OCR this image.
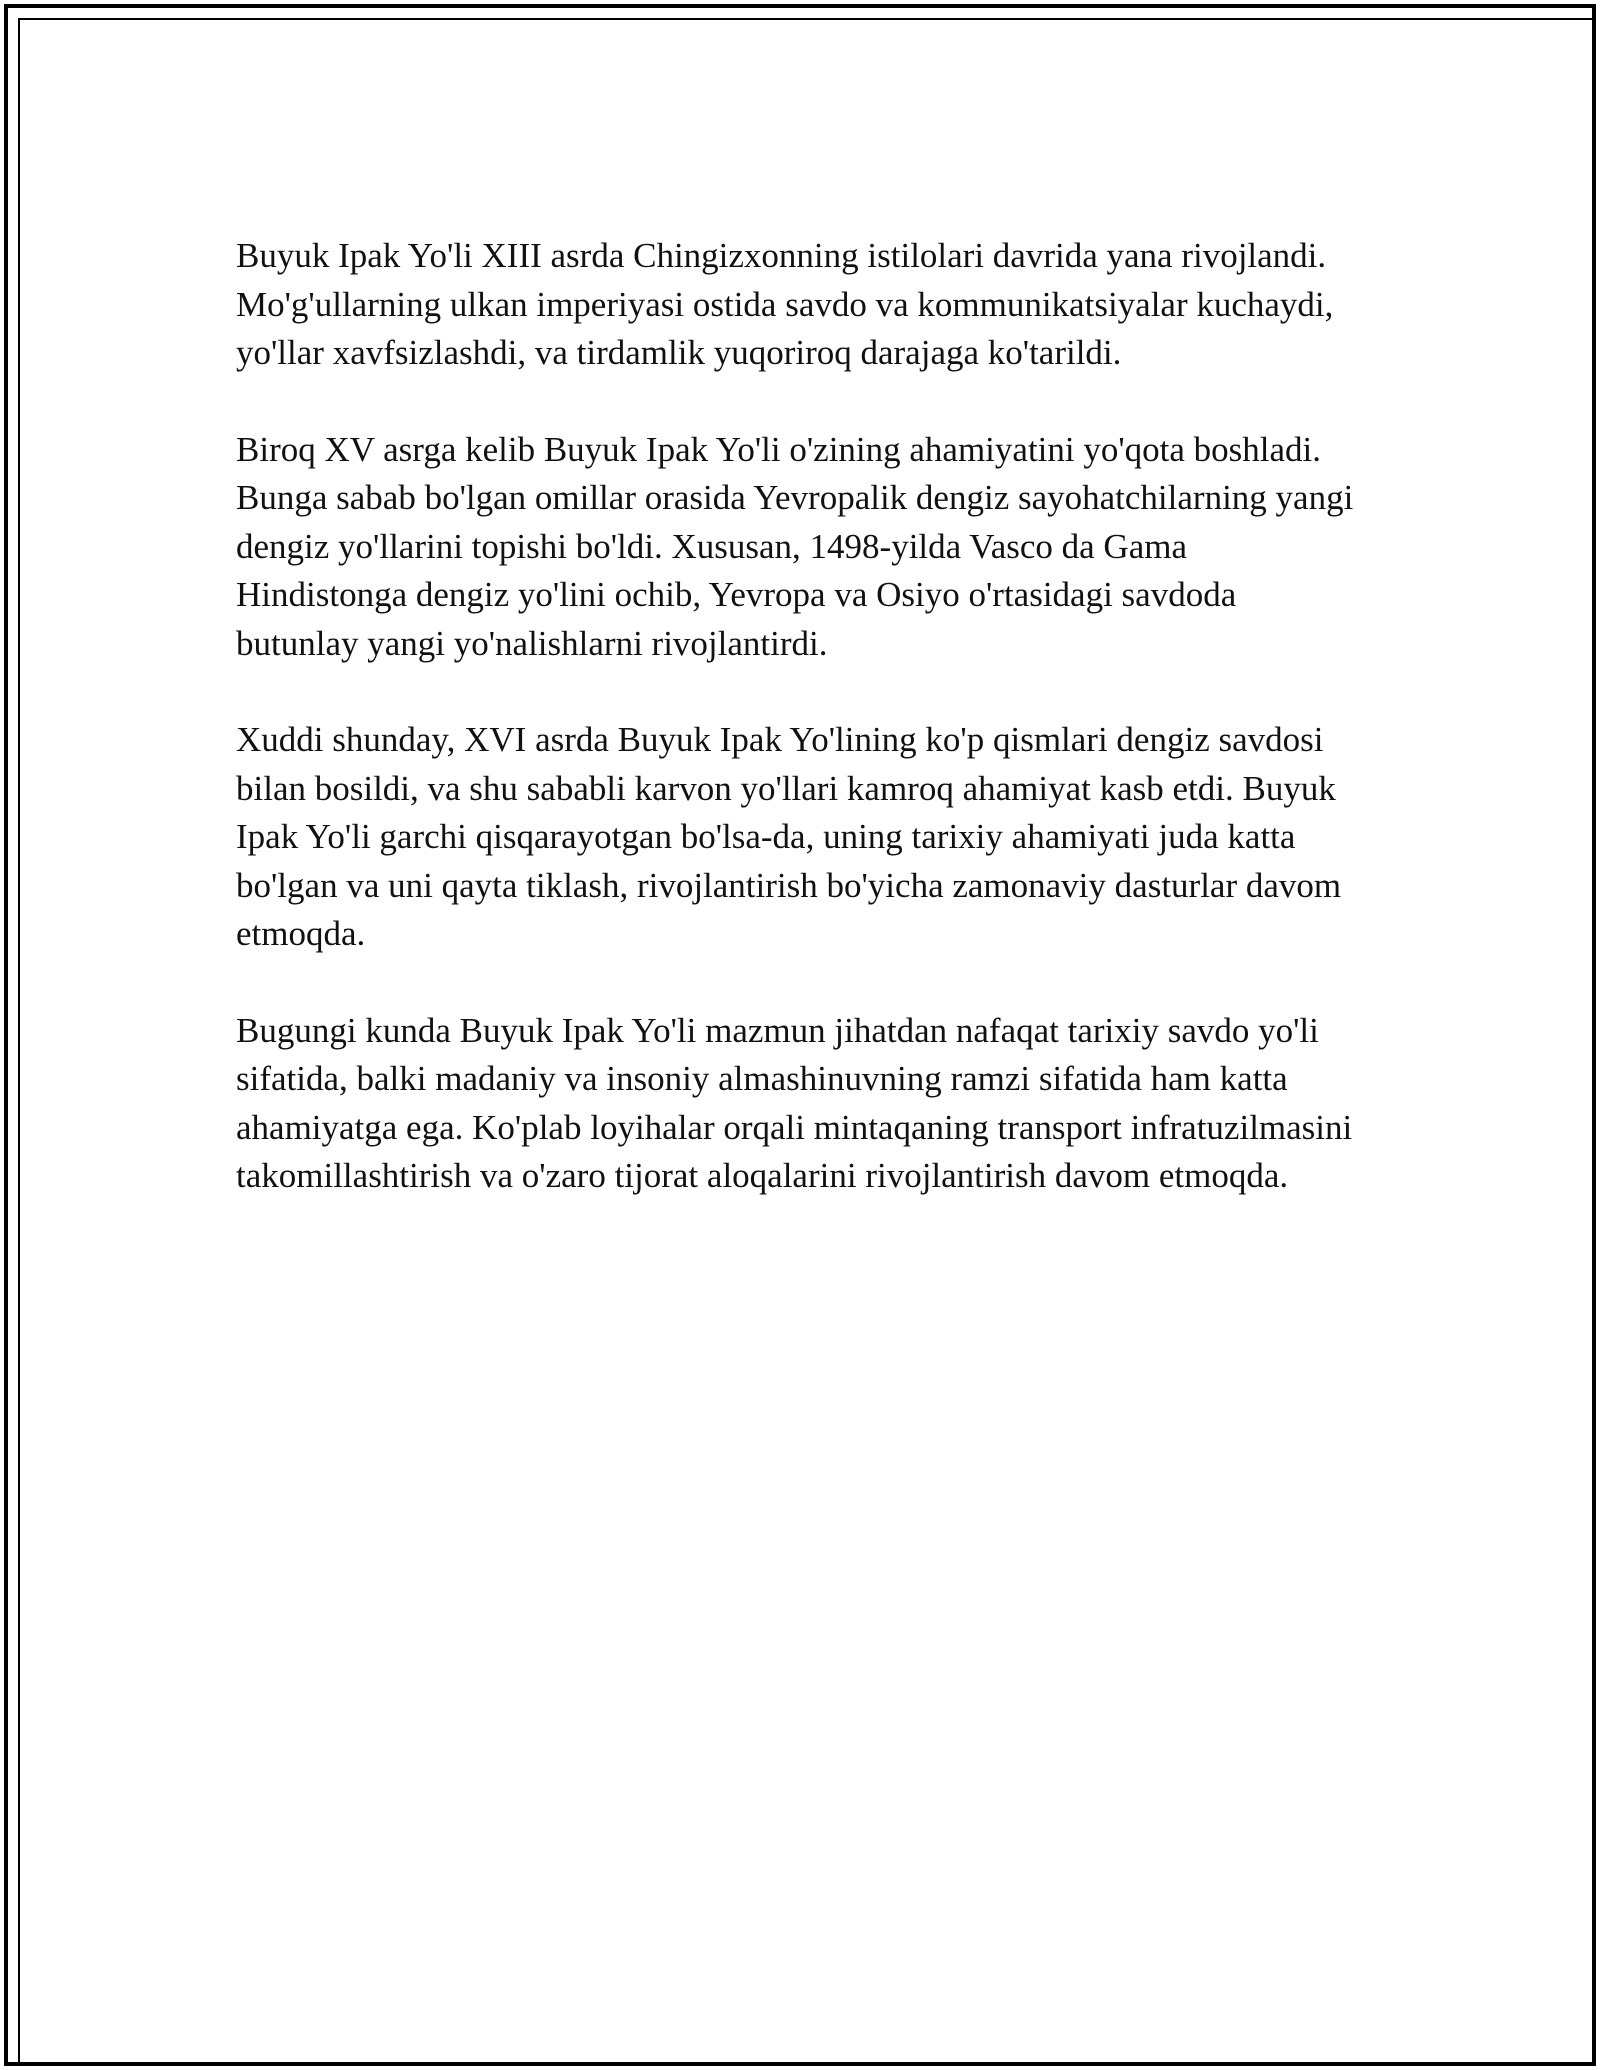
Buyuk Ipak Yo'li XIII asrda Chingizxonning istilolari davrida yana rivojlandi. Mo'g'ullarning ulkan imperiyasi ostida savdo va kommunikatsiyalar kuchaydi, yo'llar xavfsizlashdi, va tirdamlik yuqoriroq darajaga ko'tarildi.

Biroq XV asrga kelib Buyuk Ipak Yo'li o'zining ahamiyatini yo'qota boshladi. Bunga sabab bo'lgan omillar orasida Yevropalik dengiz sayohatchilarning yangi dengiz yo'llarini topishi bo'ldi. Xususan, 1498-yilda Vasco da Gama Hindistonga dengiz yo'lini ochib, Yevropa va Osiyo o'rtasidagi savdoda butunlay yangi yo'nalishlarni rivojlantirdi.

Xuddi shunday, XVI asrda Buyuk Ipak Yo'lining ko'p qismlari dengiz savdosi bilan bosildi, va shu sababli karvon yo'llari kamroq ahamiyat kasb etdi. Buyuk Ipak Yo'li garchi qisqarayotgan bo'lsa-da, uning tarixiy ahamiyati juda katta bo'lgan va uni qayta tiklash, rivojlantirish bo'yicha zamonaviy dasturlar davom etmoqda.

Bugungi kunda Buyuk Ipak Yo'li mazmun jihatdan nafaqat tarixiy savdo yo'li sifatida, balki madaniy va insoniy almashinuvning ramzi sifatida ham katta ahamiyatga ega. Ko'plab loyihalar orqali mintaqaning transport infratuzilmasini takomillashtirish va o'zaro tijorat aloqalarini rivojlantirish davom etmoqda.
